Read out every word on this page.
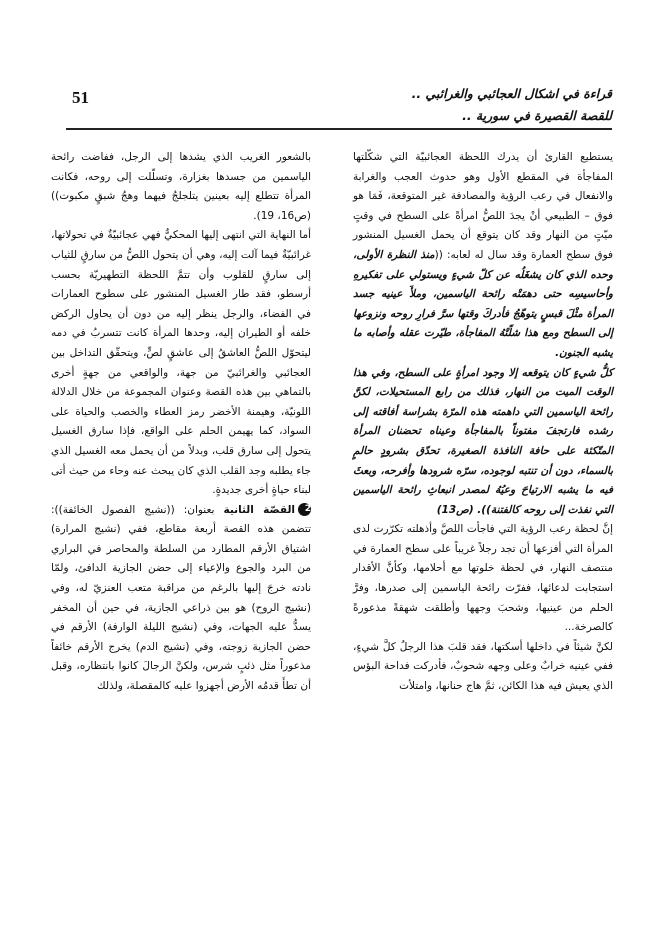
51	قراءة في اشكال العجائبي والغرائبي ..
للقصة القصيرة في سورية ..

يستطيع القارئ أن يدرك اللحظة العجائبيّة التي شكّلتها المفاجأة في المقطع الأول وهو حدوث العجب والغرابة والانفعال في رعب الرؤية والمصادفة غير المتوقعة، فَمَا هو فوق – الطبيعي أنْ يجدَ اللصُّ امرأةً على السطح في وقتٍ ميّتٍ من النهار وقد كان يتوقع أن يحمل الغسيل المنشور فوق سطح العمارة وقد سال له لعابه: ((منذ النظرة الأولى، وحده الذي كان يشغَلُه عن كلّ شيءٍ ويستولي على تفكيرهِ وأحاسيسِه حتى دهمَتْه رائحة الياسمين، وملأَ عينيه جسد المرأة مثْلَ قبسٍ يتوهّجُ فأدركَ وقتها سرَّ فرارِ روحه ونزوعها إلى السطح ومع هذا شلّتْهُ المفاجأة، طيّرت عقله وأصابه ما يشبه الجنون.

كلُّ شيءٍ كان يتوقعه إلا وجود امرأةٍ على السطح، وفي هذا الوقت الميت من النهار، فذلك من رابع المستحيلات، لكنَّ رائحة الياسمين التي داهمته هذه المرّة بشراسة أفاقته إلى رشده فارتجفَ مفتوناً بالمفاجأة وعيناه تحضنان المرأة المتّكئة على حافة النافذة الصغيرة، تحدّق بشرودٍ حالمٍ بالسماء، دون أن تنتبه لوجوده، سرّه شرودها وأفرحه، وبعثَ فيه ما يشبه الارتياحَ وعيُهُ لمصدر انبعاثِ رائحة الياسمين التي نفذت إلى روحه كالفتنة)). (ص13)

إنَّ لحظة رعب الرؤية التي فاجأت اللصَّ وأذهلته تكرّرت لدى المرأة التي أفزعها أن تجد رجلاً غريباً على سطح العمارة في منتصف النهار، في لحظة خلوتها مع أحلامها، وكأنَّ الأقدار استجابت لدعائها، ففرّت رائحة الياسمين إلى صدرها، وفرَّ الحلم من عينيها، وشحبَ وجهها وأطلقت شهقةً مذعورةً كالصرخة...

لكنَّ شيئاً في داخلها أسكتها، فقد قلبَ هذا الرجلُ كلَّ شيءٍ، ففي عينيه خرابٌ وعلى وجهه شحوبٌ، فأدركت فداحة البؤس الذي يعيش فيه هذا الكائن، ثمَّ هاج حنانها، وامتلأت

بالشعور الغريب الذي يشدها إلى الرجل، ففاضت رائحة الياسمين من جسدها بغزارة، وتسلّلت إلى روحه، فكانت المرأة تتطلع إليه بعينين يتلجلجُ فيهما وهجُ شبقٍ مكبوت)) (ص16، 19).

أما النهاية التي انتهى إليها المحكيُّ فهي عجائبيّةٌ في تحولاتها، غرائبيّةٌ فيما آلت إليه، وهي أن يتحول اللصُّ من سارقٍ للثياب إلى سارقٍ للقلوب وأن تتمَّ اللحظة التطهيريّة بحسب أرسطو، فقد طار الغسيل المنشور على سطوح العمارات في الفضاء، والرجل ينظر إليه من دون أن يحاول الركض خلفه أو الطيران إليه، وحدها المرأة كانت تتسربُ في دمه ليتحوّل اللصُّ العاشقُ إلى عاشقٍ لصٍّ، ويتحقّق التداخل بين العجائبي والغرائبيّ من جهة، والواقعي من جهةٍ أخرى بالتماهي بين هذه القصة وعنوان المجموعة من خلال الدلالة اللونيّة، وهيمنة الأخضر رمز العطاء والخصب والحياة على السواد، كما يهيمن الحلم على الواقع، فإذا سارق الغسيل يتحول إلى سارق قلب، وبدلاً من أن يحمل معه الغسيل الذي جاء يطلبه وجد القلب الذي كان يبحث عنه وحاء من حيث أتى لبناء حياةٍ أخرى جديدةٍ.

2القصّة الثانية بعنوان: ((نشيج الفصول الخائفة)): تتضمن هذه القصة أربعة مقاطع، ففي (نشيج المرارة) اشتياق الأرقم المطارد من السلطة والمحاصر في البراري من البرد والجوع والإعياء إلى حضن الجازية الدافئ، ولمّا نادته خرجَ إليها بالرغم من مراقبة متعب العنزيّ له، وفي (نشيج الروح) هو بين ذراعي الجازية، في حين أن المخفر يسدُّ عليه الجهات، وفي (نشيج الليلة الوارفة) الأرقم في حضن الجازية زوجته، وفي (نشيج الدم) يخرج الأرقم خائفاً مذعوراً مثل ذئبٍ شرس، ولكنَّ الرجالَ كانوا بانتظاره، وقبل أن تطأَ قدمُه الأرض أجهزوا عليه كالمقصلة، ولذلك
